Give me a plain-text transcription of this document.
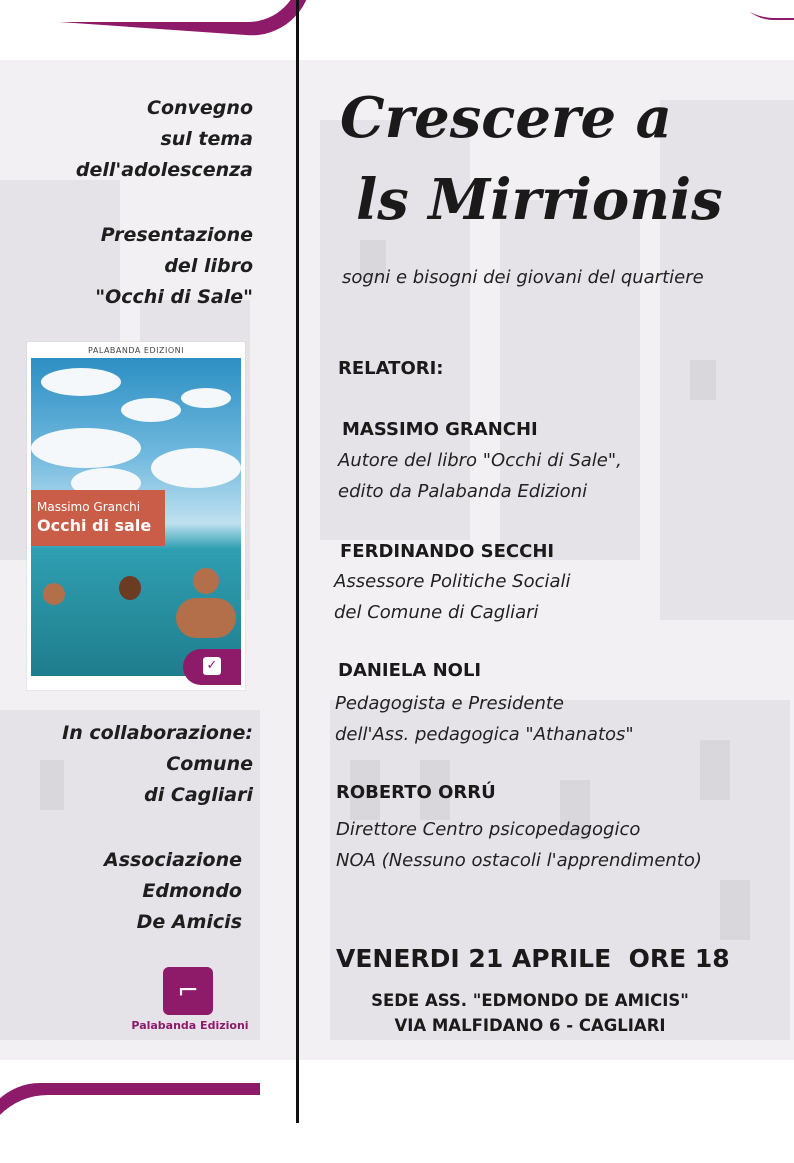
Convegno
sul tema
dell'adolescenza
Presentazione
del libro
"Occhi di Sale"
PALABANDA EDIZIONI
Massimo Granchi
Occhi di sale
✓
In collaborazione:
Comune
di Cagliari
Associazione
Edmondo
De Amicis
⌐
Palabanda Edizioni
Crescere a
ls Mirrionis
sogni e bisogni dei giovani del quartiere
RELATORI:
MASSIMO GRANCHI
Autore del libro "Occhi di Sale",
edito da Palabanda Edizioni
FERDINANDO SECCHI
Assessore Politiche Sociali
del Comune di Cagliari
DANIELA NOLI
Pedagogista e Presidente
dell'Ass. pedagogica "Athanatos"
ROBERTO ORRÚ
Direttore Centro psicopedagogico
NOA (Nessuno ostacoli l'apprendimento)
VENERDI 21 APRILE  ORE 18
SEDE ASS. "EDMONDO DE AMICIS"
VIA MALFIDANO 6 - CAGLIARI
